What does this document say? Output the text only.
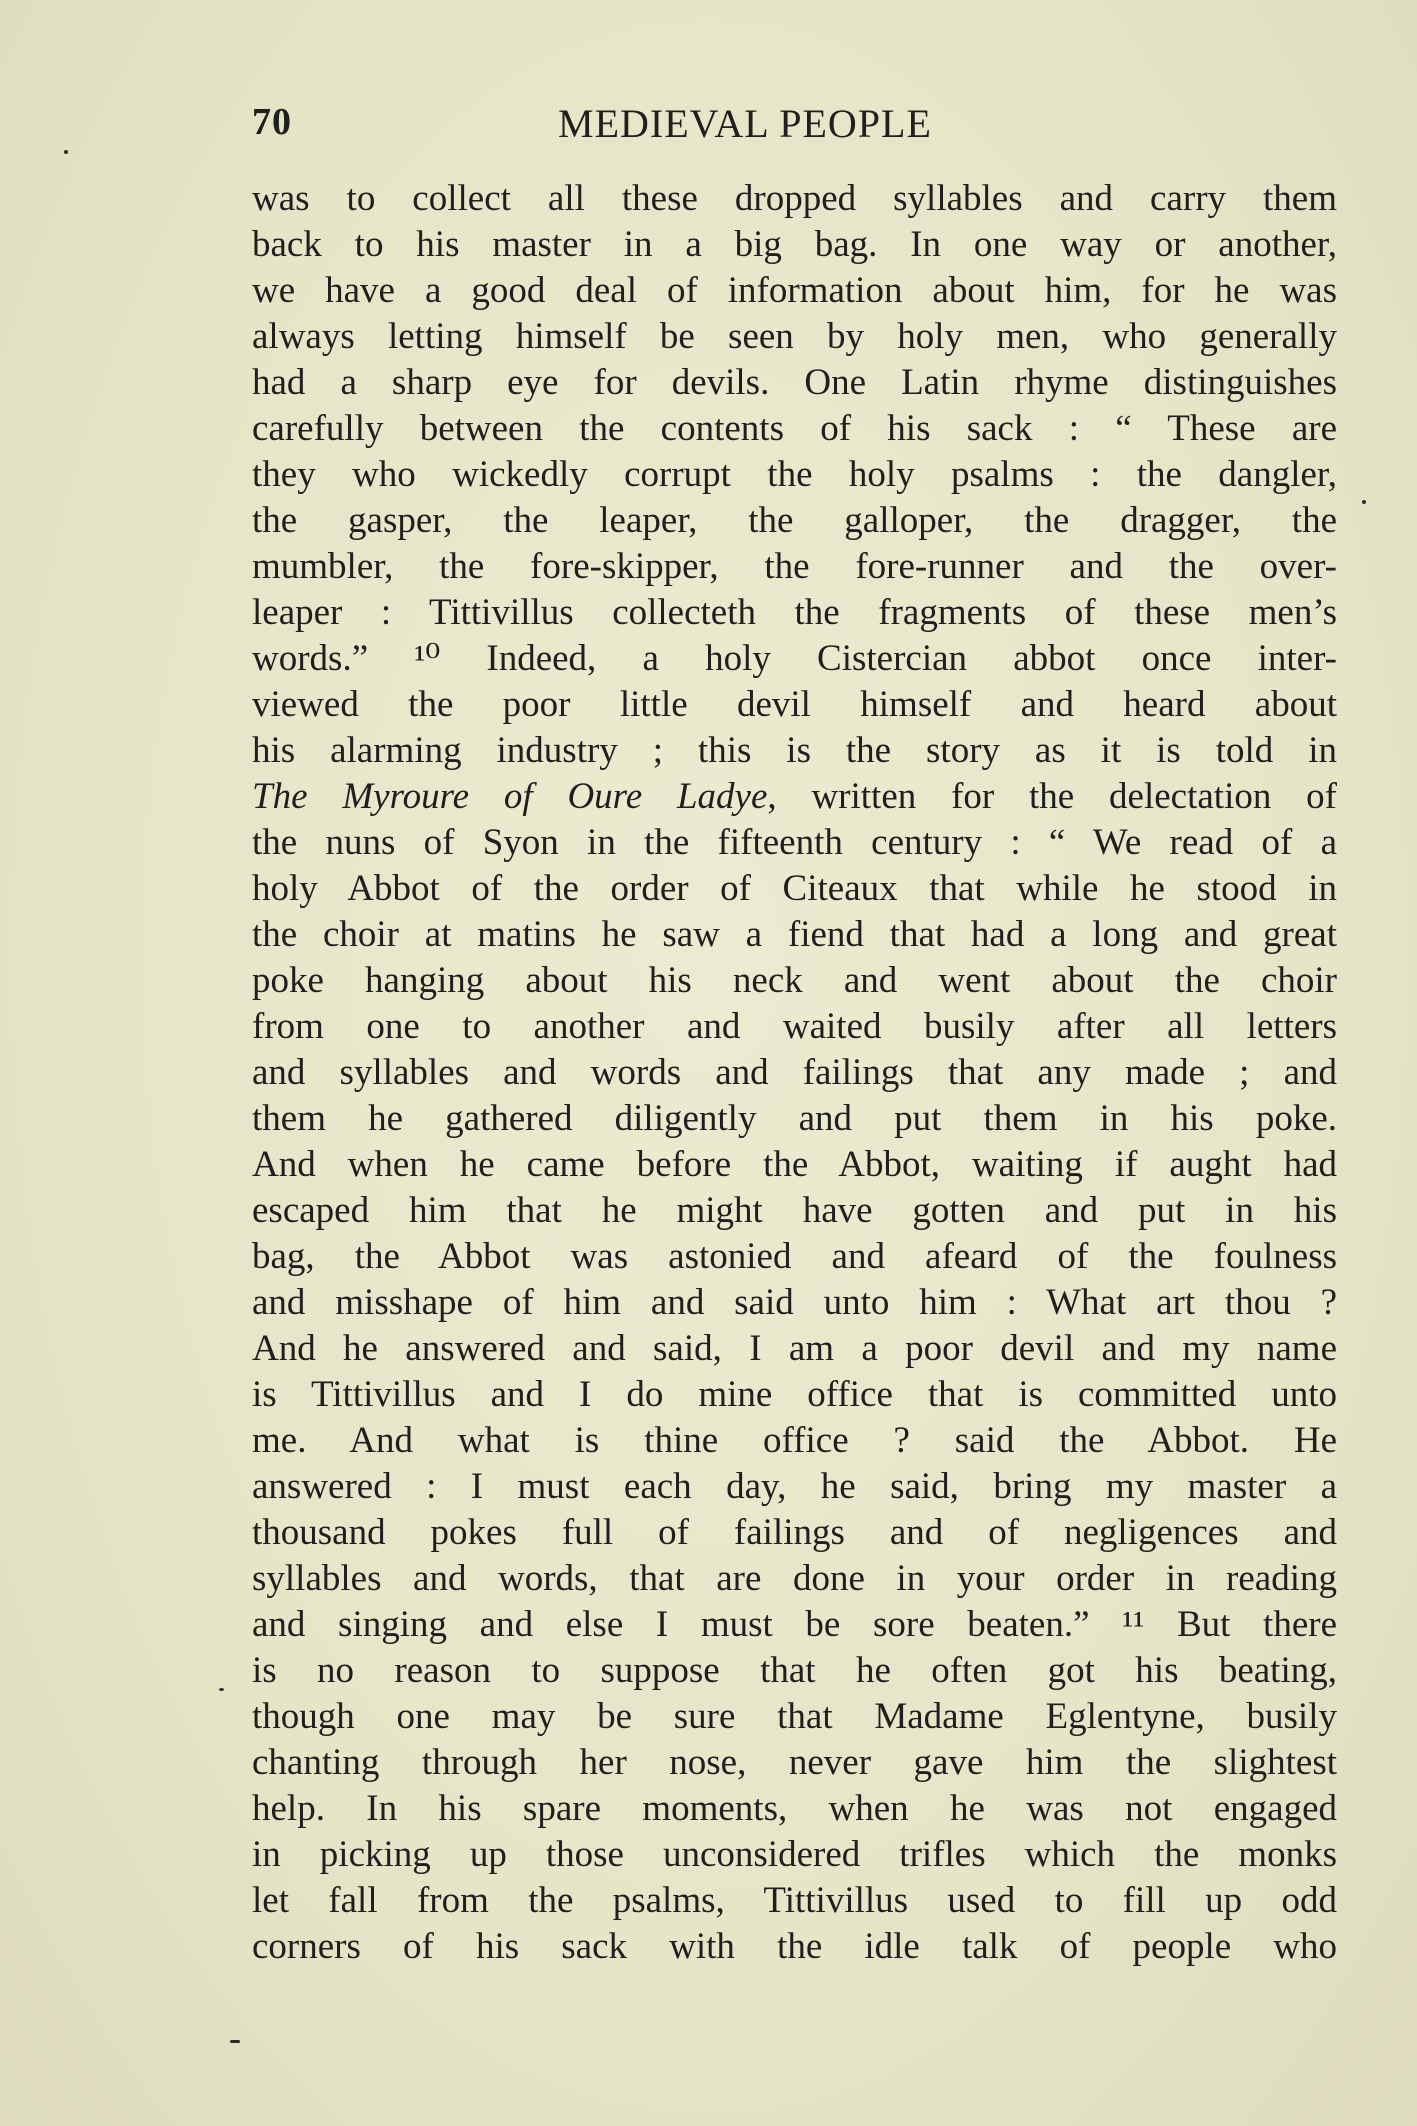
70	MEDIEVAL PEOPLE
was to collect all these dropped syllables and carry them
back to his master in a big bag. In one way or another,
we have a good deal of information about him, for he was
always letting himself be seen by holy men, who generally
had a sharp eye for devils. One Latin rhyme distinguishes
carefully between the contents of his sack : “ These are
they who wickedly corrupt the holy psalms : the dangler,
the gasper, the leaper, the galloper, the dragger, the
mumbler, the fore-skipper, the fore-runner and the over-
leaper : Tittivillus collecteth the fragments of these men’s
words.” ¹⁰ Indeed, a holy Cistercian abbot once inter-
viewed the poor little devil himself and heard about
his alarming industry ; this is the story as it is told in
The Myroure of Oure Ladye, written for the delectation of
the nuns of Syon in the fifteenth century : “ We read of a
holy Abbot of the order of Citeaux that while he stood in
the choir at matins he saw a fiend that had a long and great
poke hanging about his neck and went about the choir
from one to another and waited busily after all letters
and syllables and words and failings that any made ; and
them he gathered diligently and put them in his poke.
And when he came before the Abbot, waiting if aught had
escaped him that he might have gotten and put in his
bag, the Abbot was astonied and afeard of the foulness
and misshape of him and said unto him : What art thou ?
And he answered and said, I am a poor devil and my name
is Tittivillus and I do mine office that is committed unto
me. And what is thine office ? said the Abbot. He
answered : I must each day, he said, bring my master a
thousand pokes full of failings and of negligences and
syllables and words, that are done in your order in reading
and singing and else I must be sore beaten.” ¹¹ But there
is no reason to suppose that he often got his beating,
though one may be sure that Madame Eglentyne, busily
chanting through her nose, never gave him the slightest
help. In his spare moments, when he was not engaged
in picking up those unconsidered trifles which the monks
let fall from the psalms, Tittivillus used to fill up odd
corners of his sack with the idle talk of people who
